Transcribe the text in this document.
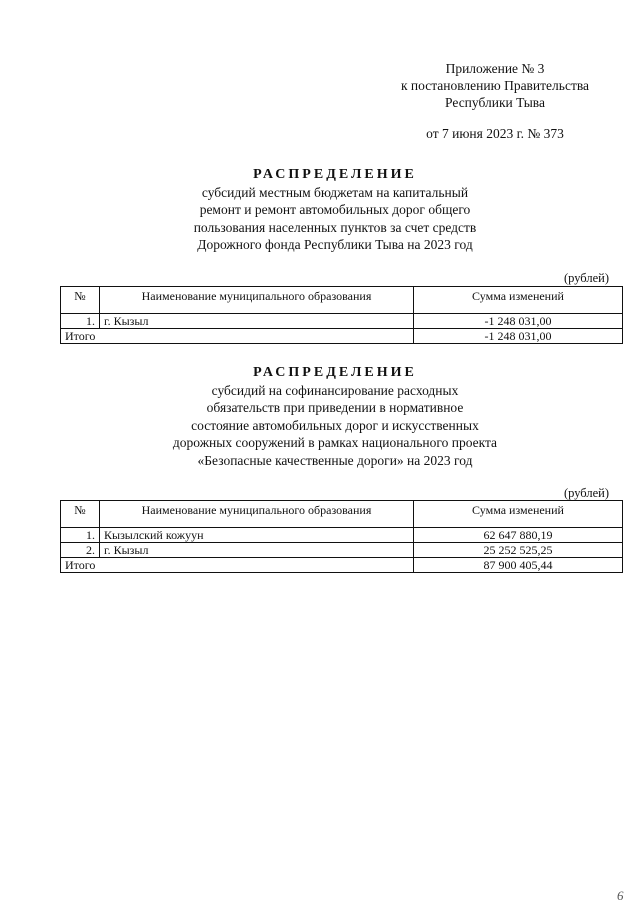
Приложение № 3
к постановлению Правительства
Республики Тыва
от 7 июня 2023 г. № 373
РАСПРЕДЕЛЕНИЕ
субсидий местным бюджетам на капитальный
ремонт и ремонт автомобильных дорог общего
пользования населенных пунктов за счет средств
Дорожного фонда Республики Тыва на 2023 год
(рублей)
№	Наименование муниципального образования	Сумма изменений
1.	г. Кызыл	-1 248 031,00
Итого		-1 248 031,00
РАСПРЕДЕЛЕНИЕ
субсидий на софинансирование расходных
обязательств при приведении в нормативное
состояние автомобильных дорог и искусственных
дорожных сооружений в рамках национального проекта
«Безопасные качественные дороги» на 2023 год
(рублей)
№	Наименование муниципального образования	Сумма изменений
1.	Кызылский кожуун	62 647 880,19
2.	г. Кызыл	25 252 525,25
Итого		87 900 405,44
6
